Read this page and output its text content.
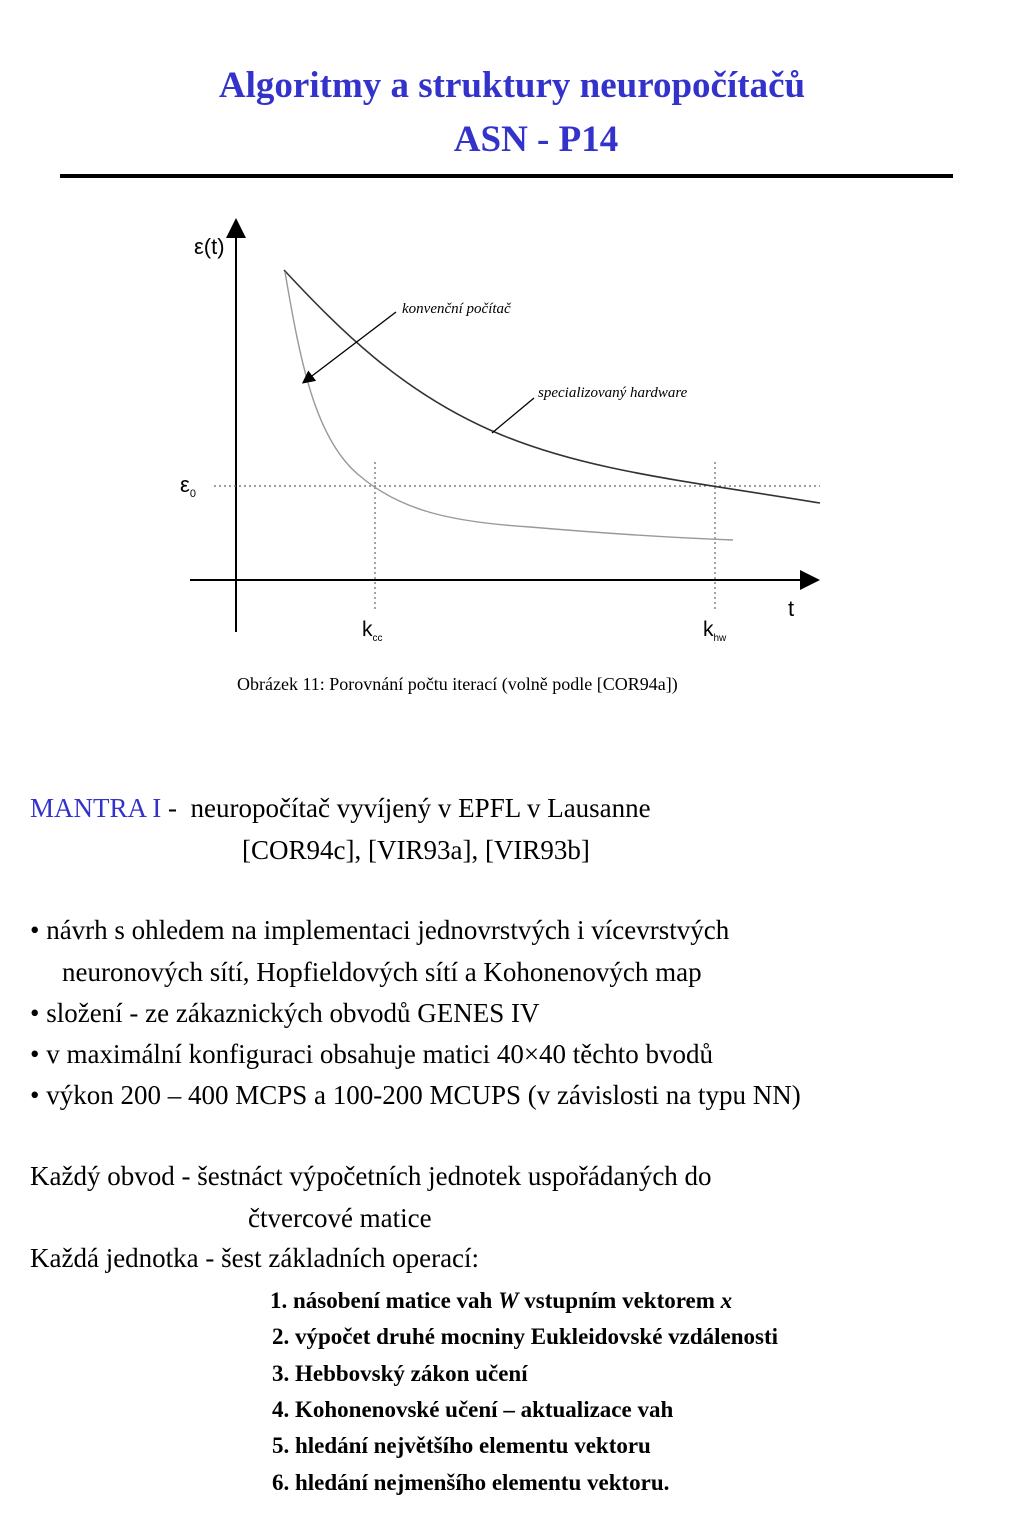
Algoritmy a struktury neuropočítačů
ASN - P14
ε(t)
t
$\varepsilon_0$
$k_{cc}$	$k_{hw}$
konvenční počítač
specializovaný hardware
Obrázek 11: Porovnání počtu iterací (volně podle [COR94a])
MANTRA I - neuropočítač vyvíjený v EPFL v Lausanne
[COR94c], [VIR93a], [VIR93b]
• návrh s ohledem na implementaci jednovrstvých i vícevrstvých
neuronových sítí, Hopfieldových sítí a Kohonenových map
• složení - ze zákaznických obvodů GENES IV
• v maximální konfiguraci obsahuje matici 40×40 těchto bvodů
• výkon 200 – 400 MCPS a 100-200 MCUPS (v závislosti na typu NN)
Každý obvod - šestnáct výpočetních jednotek uspořádaných do
čtvercové matice
Každá jednotka - šest základních operací:
1. násobení matice vah W vstupním vektorem x
2. výpočet druhé mocniny Eukleidovské vzdálenosti
3. Hebbovský zákon učení
4. Kohonenovské učení – aktualizace vah
5. hledání největšího elementu vektoru
6. hledání nejmenšího elementu vektoru.
